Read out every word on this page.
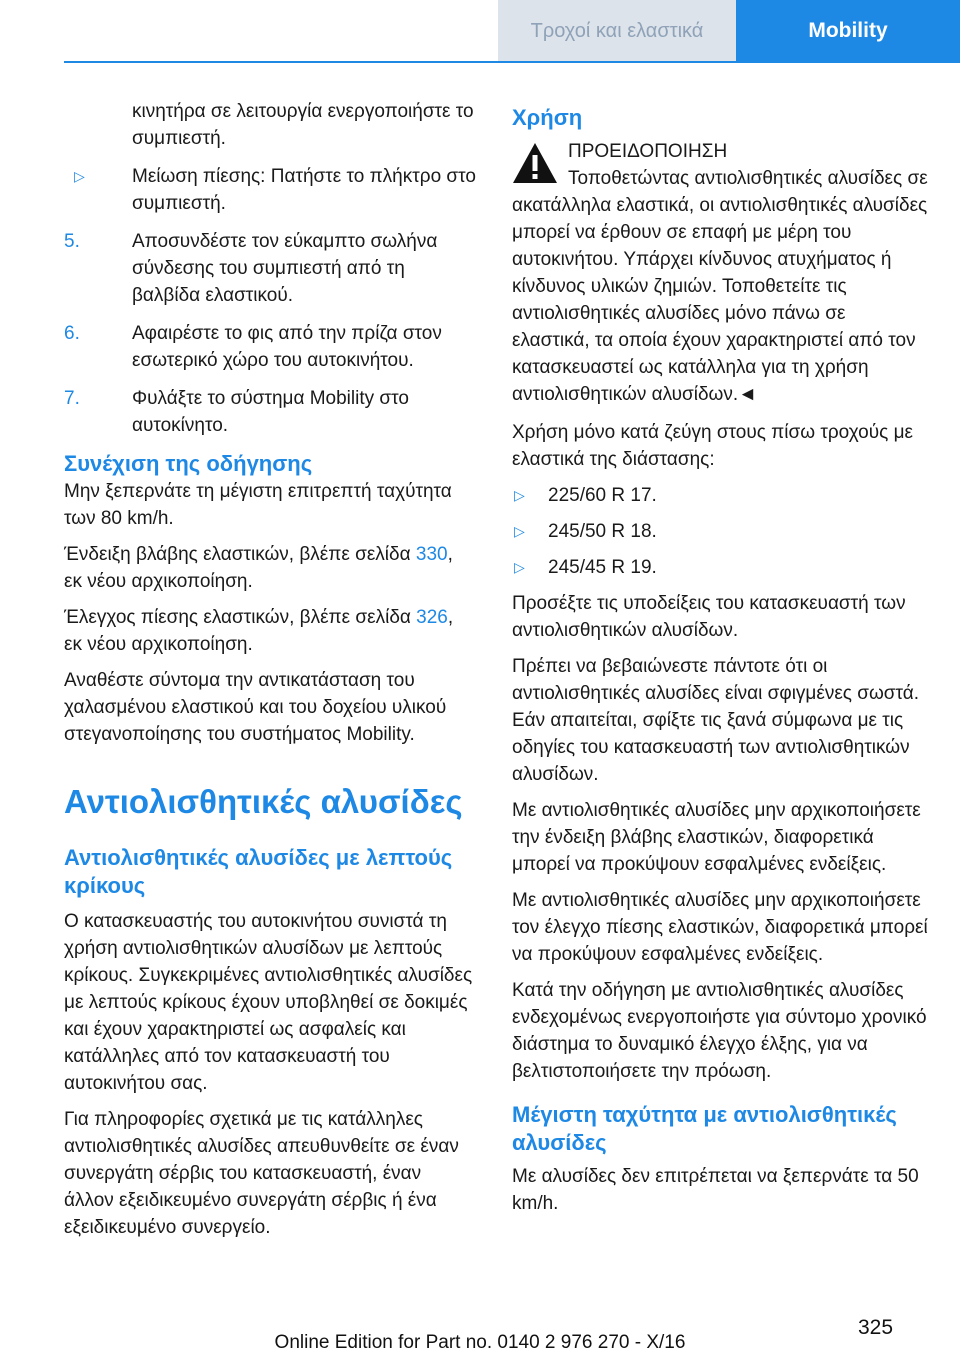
Τροχοί και ελαστικά	Mobility
κινητήρα σε λειτουργία ενεργοποιήστε το συμπιεστή.
▷ Μείωση πίεσης: Πατήστε το πλήκτρο στο συμπιεστή.
5.	Αποσυνδέστε τον εύκαμπτο σωλήνα σύνδεσης του συμπιεστή από τη βαλβίδα ελαστικού.
6.	Αφαιρέστε το φις από την πρίζα στον εσωτερικό χώρο του αυτοκινήτου.
7.	Φυλάξτε το σύστημα Mobility στο αυτοκίνητο.
Συνέχιση της οδήγησης

Μην ξεπερνάτε τη μέγιστη επιτρεπτή ταχύτητα των 80 km/h.

Ένδειξη βλάβης ελαστικών, βλέπε σελίδα 330, εκ νέου αρχικοποίηση.

Έλεγχος πίεσης ελαστικών, βλέπε σελίδα 326, εκ νέου αρχικοποίηση.

Αναθέστε σύντομα την αντικατάσταση του χαλασμένου ελαστικού και του δοχείου υλικού στεγανοποίησης του συστήματος Mobility.

Αντιολισθητικές αλυσίδες
Αντιολισθητικές αλυσίδες με λεπτούς κρίκους

Ο κατασκευαστής του αυτοκινήτου συνιστά τη χρήση αντιολισθητικών αλυσίδων με λεπτούς κρίκους. Συγκεκριμένες αντιολισθητικές αλυσίδες με λεπτούς κρίκους έχουν υποβληθεί σε δοκιμές και έχουν χαρακτηριστεί ως ασφαλείς και κατάλληλες από τον κατασκευαστή του αυτοκινήτου σας.

Για πληροφορίες σχετικά με τις κατάλληλες αντιολισθητικές αλυσίδες απευθυνθείτε σε έναν συνεργάτη σέρβις του κατασκευαστή, έναν άλλον εξειδικευμένο συνεργάτη σέρβις ή ένα εξειδικευμένο συνεργείο.

Χρήση
ΠΡΟΕΙΔΟΠΟΙΗΣΗ

Τοποθετώντας αντιολισθητικές αλυσίδες σε ακατάλληλα ελαστικά, οι αντιολισθητικές αλυσίδες μπορεί να έρθουν σε επαφή με μέρη του αυτοκινήτου. Υπάρχει κίνδυνος ατυχήματος ή κίνδυνος υλικών ζημιών. Τοποθετείτε τις αντιολισθητικές αλυσίδες μόνο πάνω σε ελαστικά, τα οποία έχουν χαρακτηριστεί από τον κατασκευαστεί ως κατάλληλα για τη χρήση αντιολισθητικών αλυσίδων.◄

Χρήση μόνο κατά ζεύγη στους πίσω τροχούς με ελαστικά της διάστασης:

▷ 225/60 R 17.
▷ 245/50 R 18.
▷ 245/45 R 19.

Προσέξτε τις υποδείξεις του κατασκευαστή των αντιολισθητικών αλυσίδων.

Πρέπει να βεβαιώνεστε πάντοτε ότι οι αντιολισθητικές αλυσίδες είναι σφιγμένες σωστά. Εάν απαιτείται, σφίξτε τις ξανά σύμφωνα με τις οδηγίες του κατασκευαστή των αντιολισθητικών αλυσίδων.

Με αντιολισθητικές αλυσίδες μην αρχικοποιήσετε την ένδειξη βλάβης ελαστικών, διαφορετικά μπορεί να προκύψουν εσφαλμένες ενδείξεις.

Με αντιολισθητικές αλυσίδες μην αρχικοποιήσετε τον έλεγχο πίεσης ελαστικών, διαφορετικά μπορεί να προκύψουν εσφαλμένες ενδείξεις.

Κατά την οδήγηση με αντιολισθητικές αλυσίδες ενδεχομένως ενεργοποιήστε για σύντομο χρονικό διάστημα το δυναμικό έλεγχο έλξης, για να βελτιστοποιήσετε την πρόωση.

Μέγιστη ταχύτητα με αντιολισθητικές αλυσίδες

Με αλυσίδες δεν επιτρέπεται να ξεπερνάτε τα 50 km/h.

325
Online Edition for Part no. 0140 2 976 270 - X/16
